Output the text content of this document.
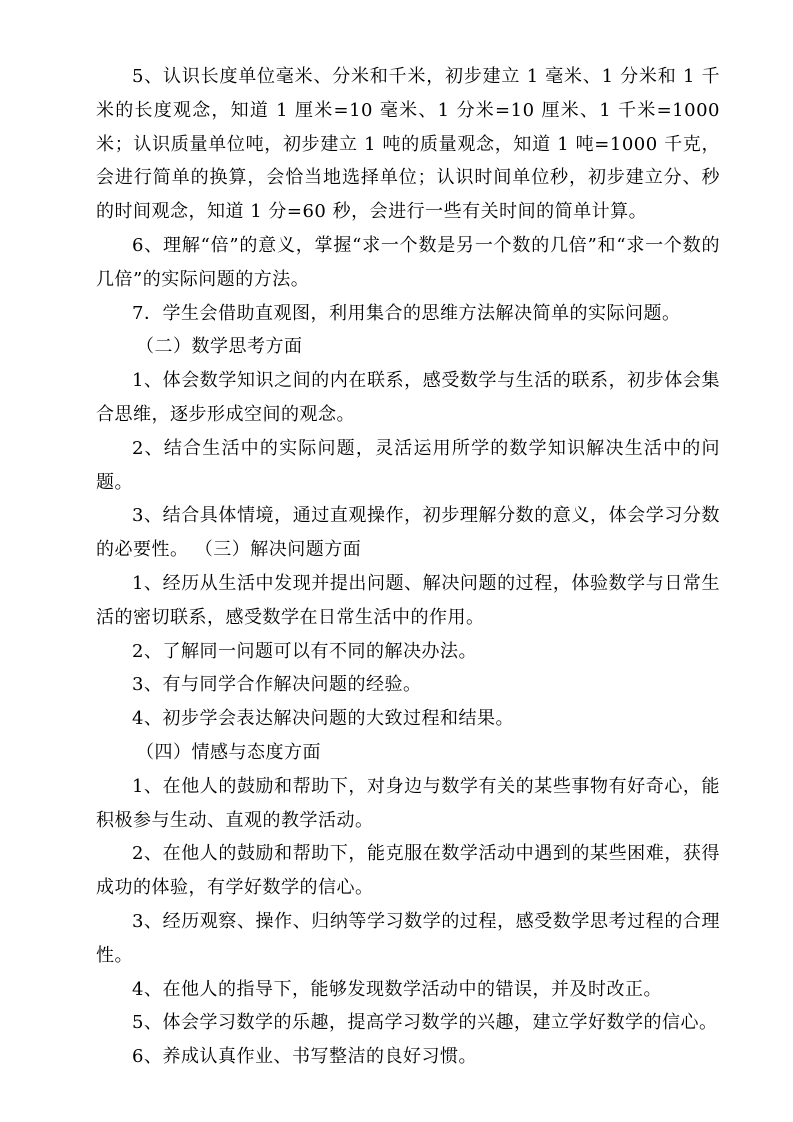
5、认识长度单位毫米、分米和千米，初步建立 1 毫米、1 分米和 1 千米的长度观念，知道 1 厘米=10 毫米、1 分米=10 厘米、1 千米=1000 米；认识质量单位吨，初步建立 1 吨的质量观念，知道 1 吨=1000 千克，会进行简单的换算，会恰当地选择单位；认识时间单位秒，初步建立分、秒的时间观念，知道 1 分=60 秒，会进行一些有关时间的简单计算。

6、理解“倍”的意义，掌握“求一个数是另一个数的几倍”和“求一个数的几倍”的实际问题的方法。

7．学生会借助直观图，利用集合的思维方法解决简单的实际问题。

（二）数学思考方面

1、体会数学知识之间的内在联系，感受数学与生活的联系，初步体会集合思维，逐步形成空间的观念。

2、结合生活中的实际问题，灵活运用所学的数学知识解决生活中的问题。

3、结合具体情境，通过直观操作，初步理解分数的意义，体会学习分数的必要性。 （三）解决问题方面

1、经历从生活中发现并提出问题、解决问题的过程，体验数学与日常生活的密切联系，感受数学在日常生活中的作用。

2、了解同一问题可以有不同的解决办法。

3、有与同学合作解决问题的经验。

4、初步学会表达解决问题的大致过程和结果。

（四）情感与态度方面

1、在他人的鼓励和帮助下，对身边与数学有关的某些事物有好奇心，能积极参与生动、直观的教学活动。

2、在他人的鼓励和帮助下，能克服在数学活动中遇到的某些困难，获得成功的体验，有学好数学的信心。

3、经历观察、操作、归纳等学习数学的过程，感受数学思考过程的合理性。

4、在他人的指导下，能够发现数学活动中的错误，并及时改正。

5、体会学习数学的乐趣，提高学习数学的兴趣，建立学好数学的信心。

6、养成认真作业、书写整洁的良好习惯。
